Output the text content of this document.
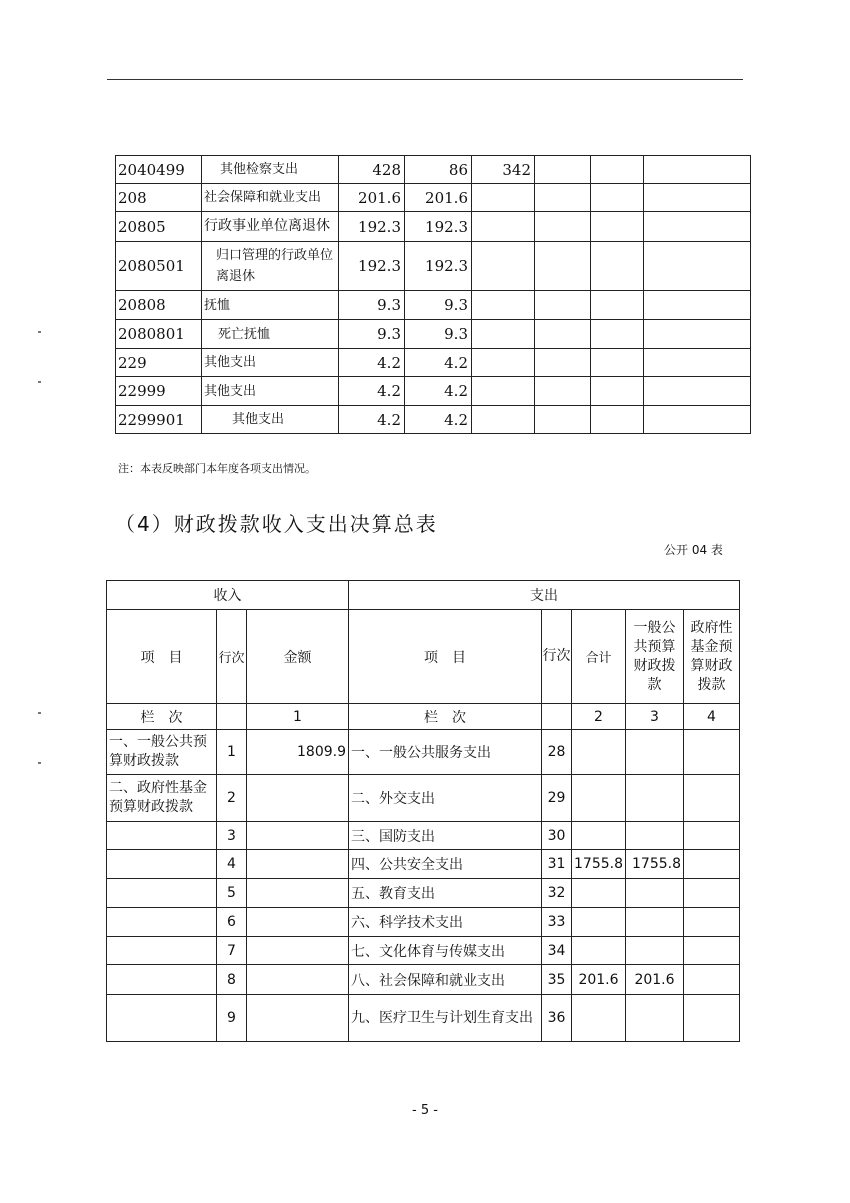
2040499	其他检察支出	428	86	342			
208	社会保障和就业支出	201.6	201.6				
20805	行政事业单位离退休	192.3	192.3				
2080501	归口管理的行政单位离退休	192.3	192.3				
20808	抚恤	9.3	9.3				
2080801	死亡抚恤	9.3	9.3				
229	其他支出	4.2	4.2				
22999	其他支出	4.2	4.2				
2299901	其他支出	4.2	4.2				
注：本表反映部门本年度各项支出情况。
（4）财政拨款收入支出决算总表
公开 04 表
收入			支出				
项　目	行次	金额	项　目	行次	合计	一般公共预算财政拨款	政府性基金预算财政拨款
栏　次		1	栏　次		2	3	4
一、一般公共预算财政拨款	1	1809.9	一、一般公共服务支出	28			
二、政府性基金预算财政拨款	2		二、外交支出	29			
	3		三、国防支出	30			
	4		四、公共安全支出	31	1755.8	1755.8	
	5		五、教育支出	32			
	6		六、科学技术支出	33			
	7		七、文化体育与传媒支出	34			
	8		八、社会保障和就业支出	35	201.6	201.6	
	9		九、医疗卫生与计划生育支出	36			
- 5 -
